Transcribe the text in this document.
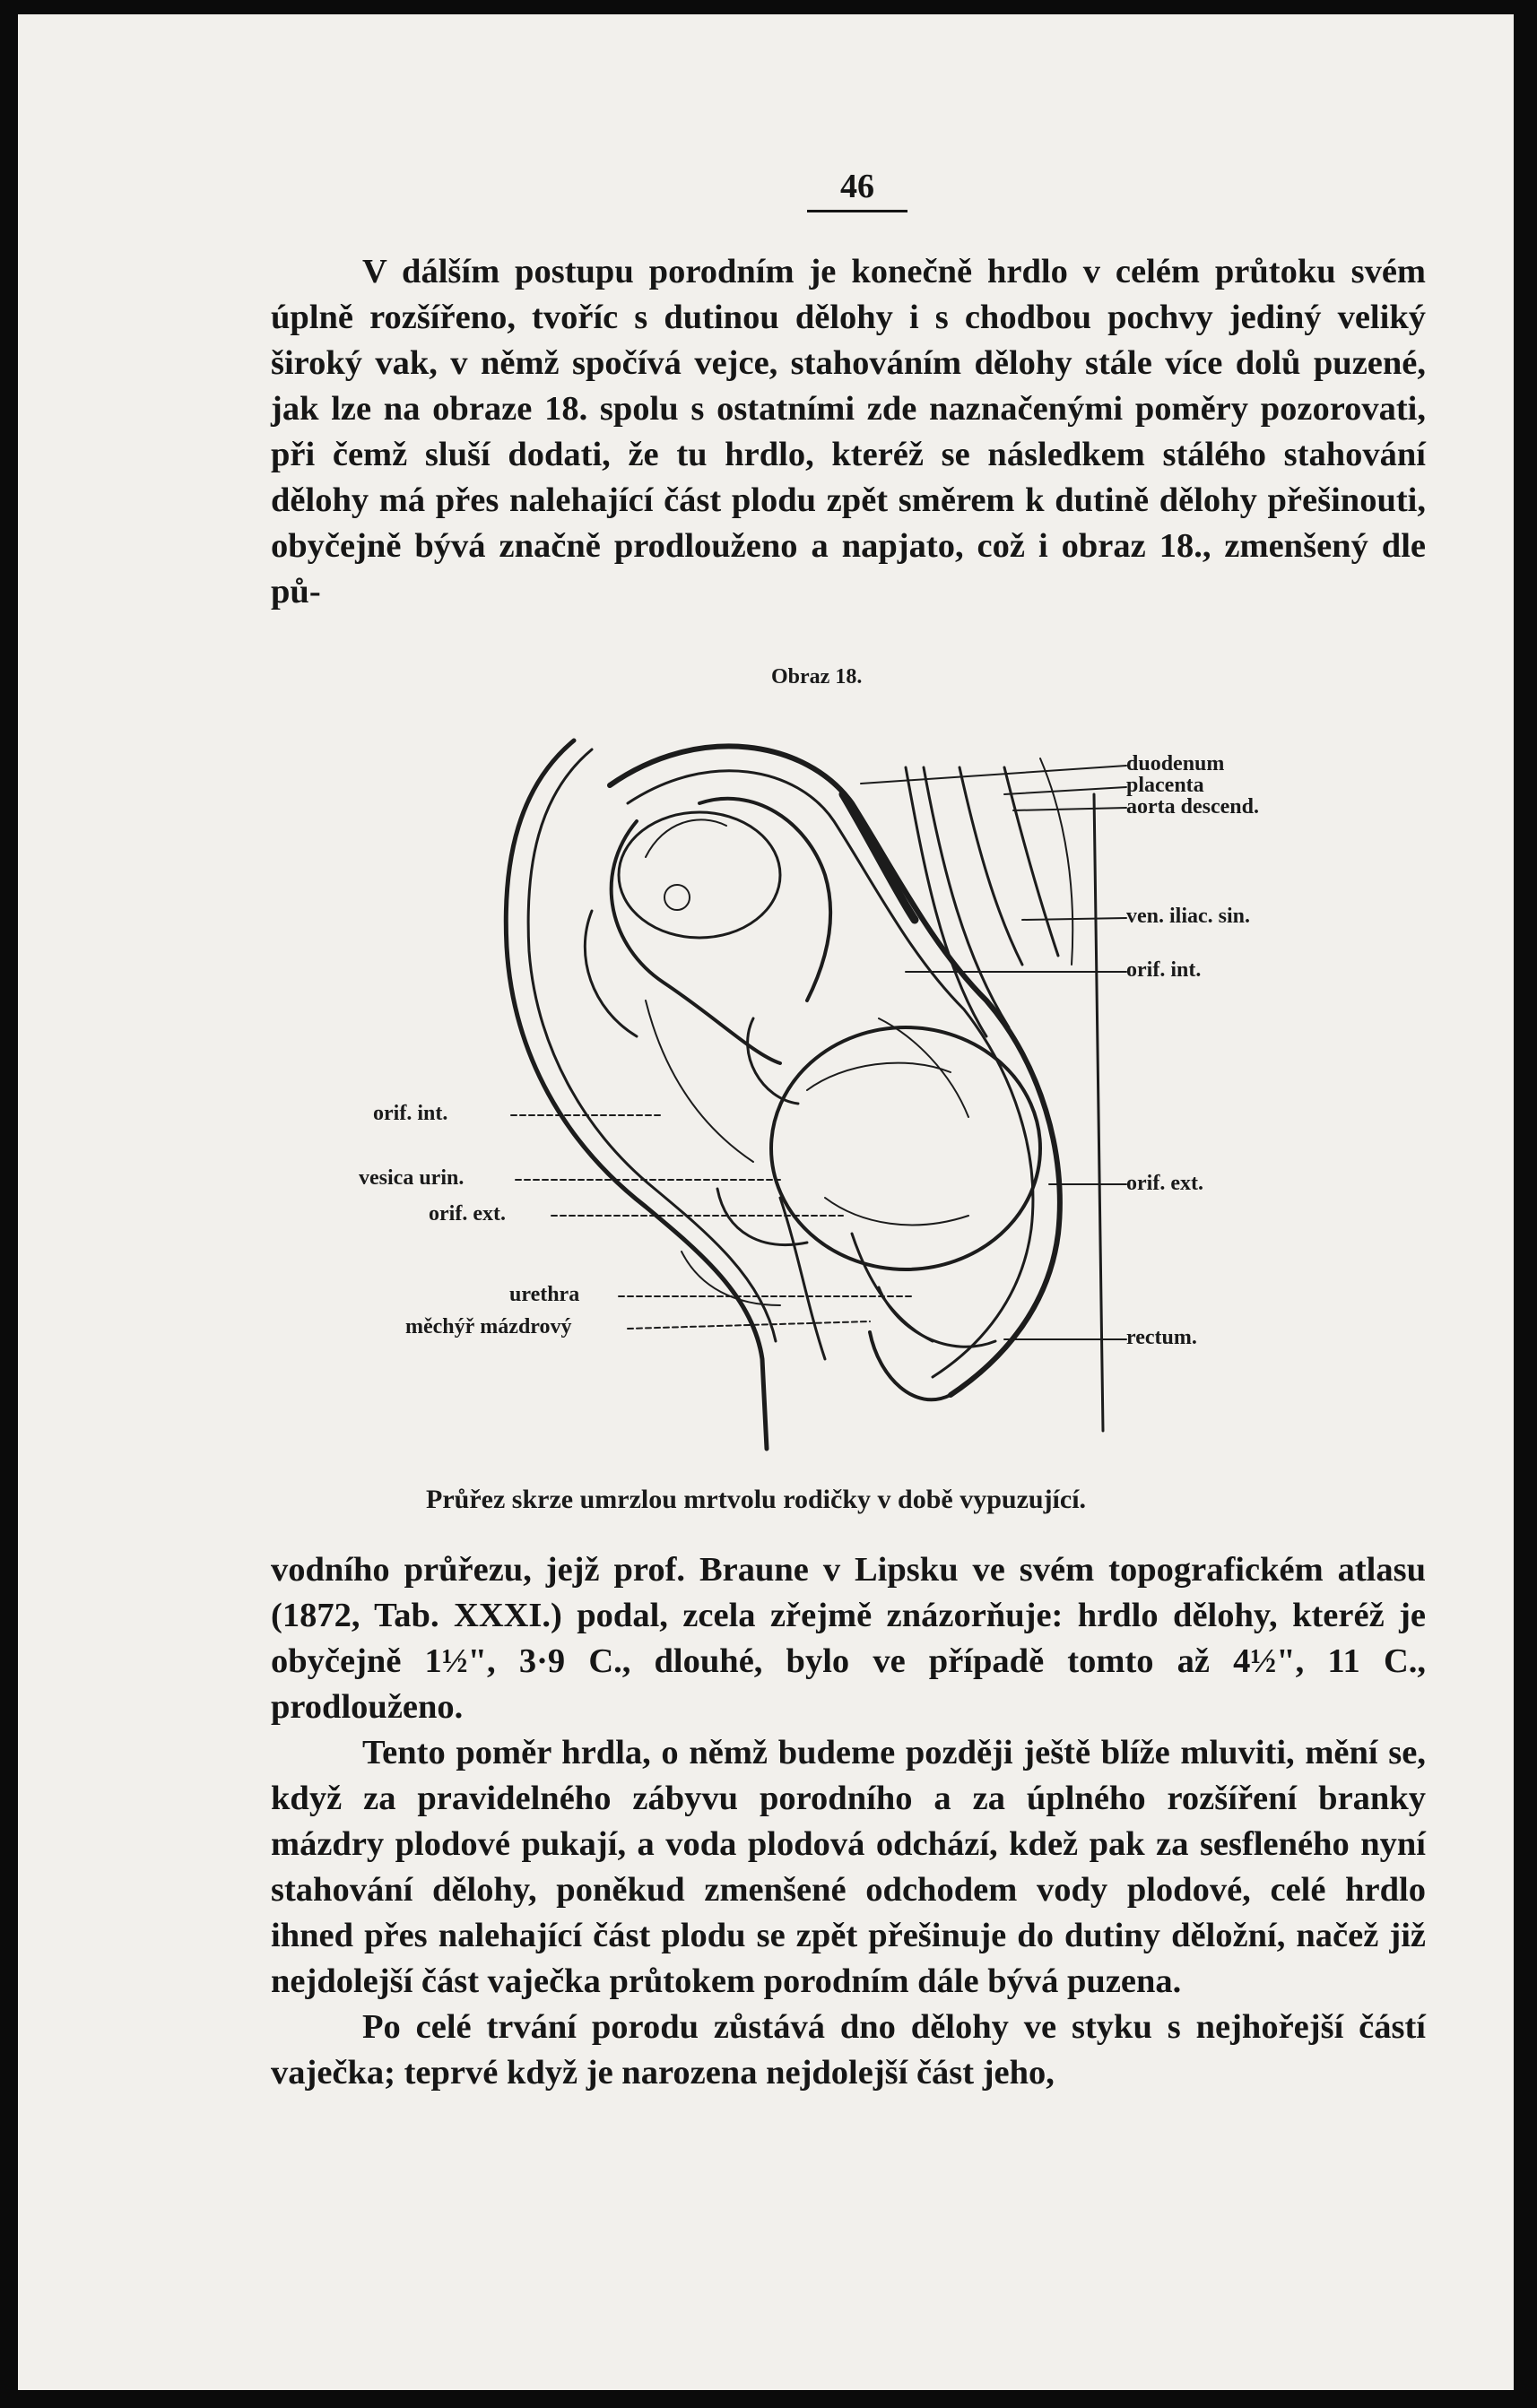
46

V dálším postupu porodním je konečně hrdlo v celém průtoku svém úplně rozšířeno, tvoříc s dutinou dělohy i s chodbou pochvy jediný veliký široký vak, v němž spočívá vejce, stahováním dělohy stále více dolů puzené, jak lze na obraze 18. spolu s ostatními zde naznačenými poměry pozorovati, při čemž sluší dodati, že tu hrdlo, kteréž se následkem stálého stahování dělohy má přes nalehající část plodu zpět směrem k dutině dělohy přešinouti, obyčejně bývá značně prodlouženo a napjato, což i obraz 18., zmenšený dle pů-

Obraz 18.
duodenum
placenta
aorta descend.
ven. iliac. sin.
orif. int.
orif. ext.
rectum.
orif. int.
vesica urin.
orif. ext.
urethra
měchýř mázdrový
Průřez skrze umrzlou mrtvolu rodičky v době vypuzující.

vodního průřezu, jejž prof. Braune v Lipsku ve svém topografickém atlasu (1872, Tab. XXXI.) podal, zcela zřejmě znázorňuje: hrdlo dělohy, kteréž je obyčejně 1½", 3·9 C., dlouhé, bylo ve případě tomto až 4½", 11 C., prodlouženo.

Tento poměr hrdla, o němž budeme později ještě blíže mluviti, mění se, když za pravidelného zábyvu porodního a za úplného rozšíření branky mázdry plodové pukají, a voda plodová odchází, kdež pak za sesfleného nyní stahování dělohy, poněkud zmenšené odchodem vody plodové, celé hrdlo ihned přes nalehající část plodu se zpět přešinuje do dutiny děložní, načež již nejdolejší část vaječka průtokem porodním dále bývá puzena.

Po celé trvání porodu zůstává dno dělohy ve styku s nejhořejší částí vaječka; teprvé když je narozena nejdolejší část jeho,
